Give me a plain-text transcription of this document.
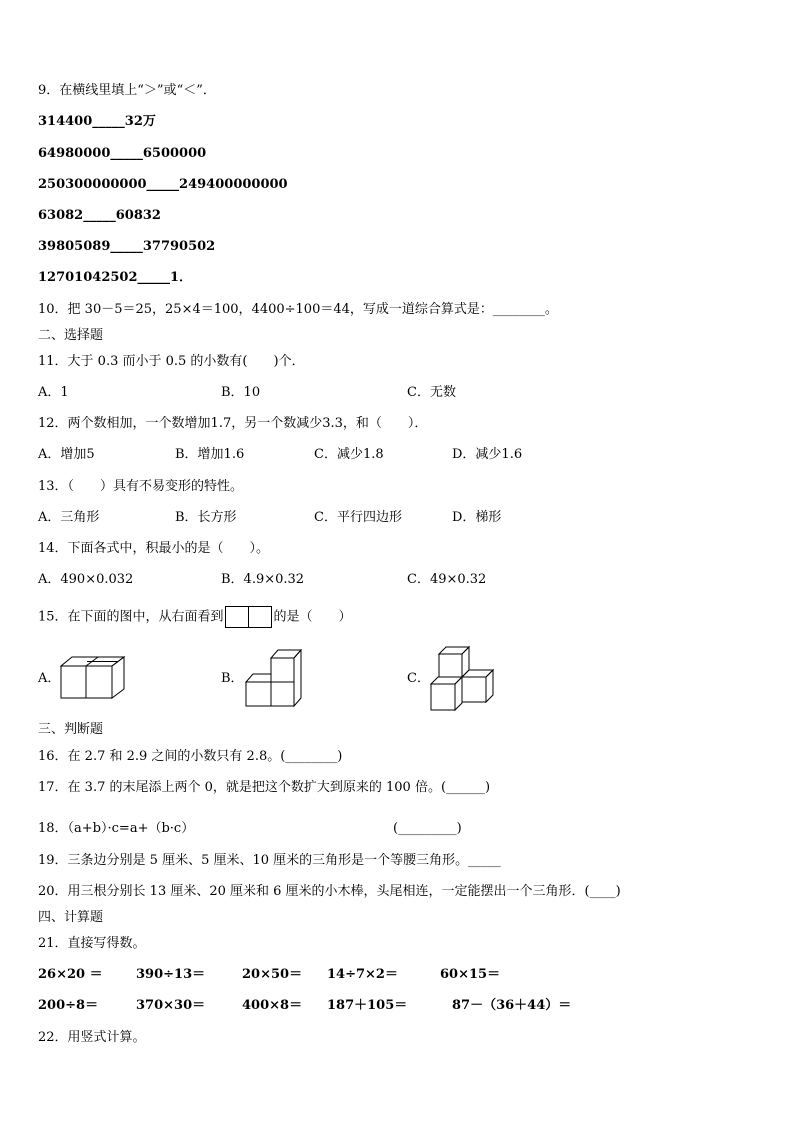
9．在横线里填上“＞”或“＜”．
314400_____32万
64980000_____6500000
250300000000_____249400000000
63082_____60832
39805089_____37790502
12701042502_____1．
10．把 30－5＝25，25×4＝100，4400÷100＝44，写成一道综合算式是：________。
二、选择题
11．大于 0.3 而小于 0.5 的小数有(　　)个．
A．1	B．10	C．无数
12．两个数相加，一个数增加1.7，另一个数减少3.3，和（　　）．
A．增加5	B．增加1.6	C．减少1.8	D．减少1.6
13．（　　）具有不易变形的特性。
A．三角形	B．长方形	C．平行四边形	D．梯形
14．下面各式中，积最小的是（　　）。
A．490×0.032	B．4.9×0.32	C．49×0.32
15．在下面的图中，从右面看到	的是（　　）
A．	B．	C．
三、判断题
16．在 2.7 和 2.9 之间的小数只有 2.8。(________)
17．在 3.7 的末尾添上两个 0，就是把这个数扩大到原来的 100 倍。(______)
18．（a+b）·c=a+（b·c）	(_________)
19．三条边分别是 5 厘米、5 厘米、10 厘米的三角形是一个等腰三角形。_____
20．用三根分别长 13 厘米、20 厘米和 6 厘米的小木棒，头尾相连，一定能摆出一个三角形．(____)
四、计算题
21．直接写得数。
26×20 ＝	390÷13＝	20×50＝ 14÷7×2＝	60×15＝
200÷8＝	370×30＝	400×8＝ 187＋105＝	87－（36＋44）＝
22．用竖式计算。
